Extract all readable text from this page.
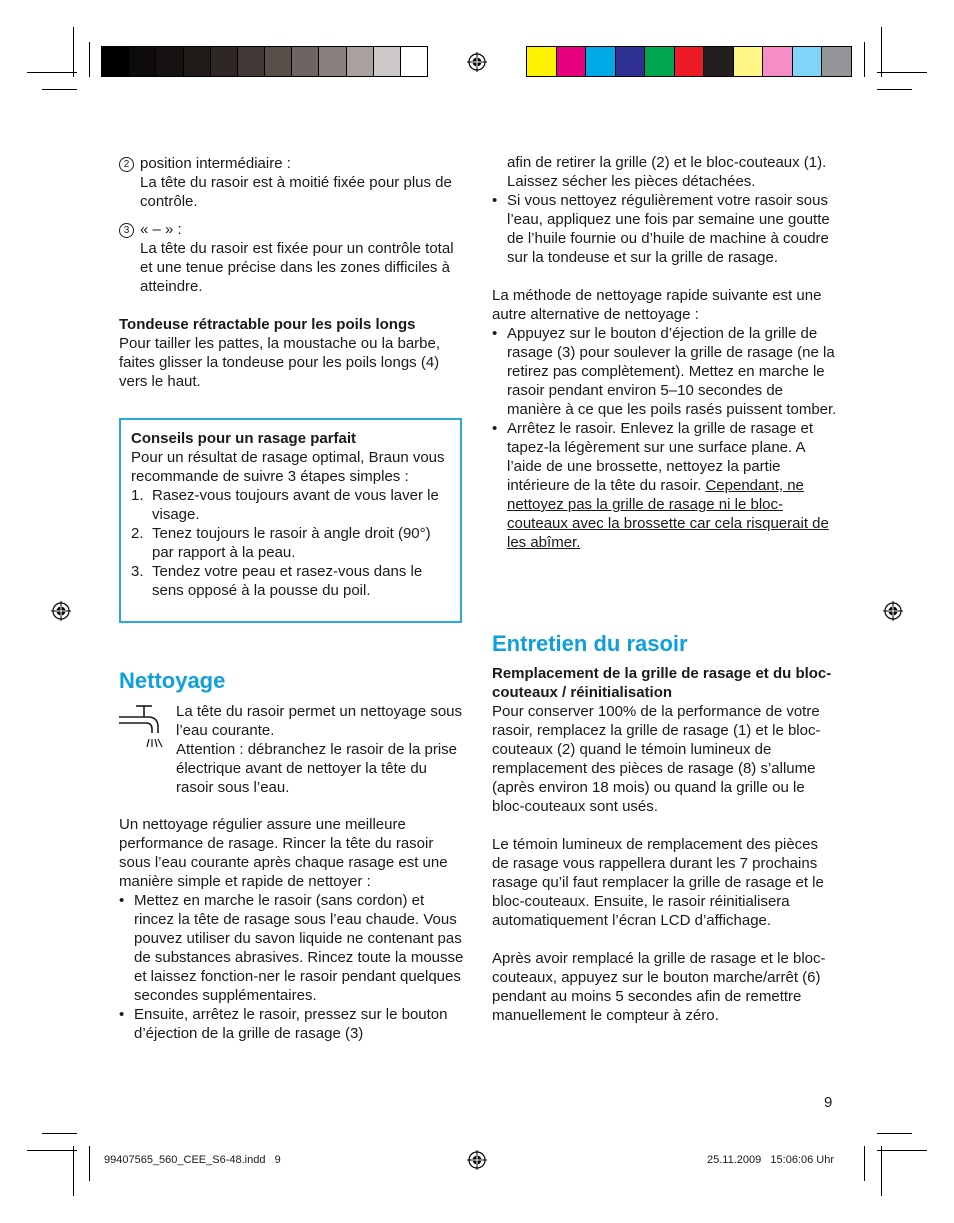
2 position intermédiaire :

La tête du rasoir est à moitié fixée pour plus de contrôle.

3 « – » :

La tête du rasoir est fixée pour un contrôle total et une tenue précise dans les zones difficiles à atteindre.

Tondeuse rétractable pour les poils longs

Pour tailler les pattes, la moustache ou la barbe, faites glisser la tondeuse pour les poils longs (4) vers le haut.

Conseils pour un rasage parfait

Pour un résultat de rasage optimal, Braun vous recommande de suivre 3 étapes simples :

1. Rasez-vous toujours avant de vous laver le visage.
2. Tenez toujours le rasoir à angle droit (90°) par rapport à la peau.
3. Tendez votre peau et rasez-vous dans le sens opposé à la pousse du poil.
Nettoyage

La tête du rasoir permet un nettoyage sous l’eau courante.

Attention : débranchez le rasoir de la prise électrique avant de nettoyer la tête du rasoir sous l’eau.

Un nettoyage régulier assure une meilleure performance de rasage. Rincer la tête du rasoir sous l’eau courante après chaque rasage est une manière simple et rapide de nettoyer :

• Mettez en marche le rasoir (sans cordon) et rincez la tête de rasage sous l’eau chaude. Vous pouvez utiliser du savon liquide ne contenant pas de substances abrasives. Rincez toute la mousse et laissez fonction-ner le rasoir pendant quelques secondes supplémentaires.
• Ensuite, arrêtez le rasoir, pressez sur le bouton d’éjection de la grille de rasage (3)

afin de retirer la grille (2) et le bloc-couteaux (1). Laissez sécher les pièces détachées.

• Si vous nettoyez régulièrement votre rasoir sous l’eau, appliquez une fois par semaine une goutte de l’huile fournie ou d’huile de machine à coudre sur la tondeuse et sur la grille de rasage.

La méthode de nettoyage rapide suivante est une autre alternative de nettoyage :

• Appuyez sur le bouton d’éjection de la grille de rasage (3) pour soulever la grille de rasage (ne la retirez pas complètement). Mettez en marche le rasoir pendant environ 5–10 secondes de manière à ce que les poils rasés puissent tomber.
• Arrêtez le rasoir. Enlevez la grille de rasage et tapez-la légèrement sur une surface plane. A l’aide de une brossette, nettoyez la partie intérieure de la tête du rasoir. Cependant, ne nettoyez pas la grille de rasage ni le bloc-couteaux avec la brossette car cela risquerait de les abîmer.
Entretien du rasoir

Remplacement de la grille de rasage et du bloc-couteaux / réinitialisation

Pour conserver 100% de la performance de votre rasoir, remplacez la grille de rasage (1) et le bloc-couteaux (2) quand le témoin lumineux de remplacement des pièces de rasage (8) s’allume (après environ 18 mois) ou quand la grille ou le bloc-couteaux sont usés.

Le témoin lumineux de remplacement des pièces de rasage vous rappellera durant les 7 prochains rasage qu’il faut remplacer la grille de rasage et le bloc-couteaux. Ensuite, le rasoir réinitialisera automatiquement l’écran LCD d’affichage.

Après avoir remplacé la grille de rasage et le bloc-couteaux, appuyez sur le bouton marche/arrêt (6) pendant au moins 5 secondes afin de remettre manuellement le compteur à zéro.

9
99407565_560_CEE_S6-48.indd   9	25.11.2009   15:06:06 Uhr
